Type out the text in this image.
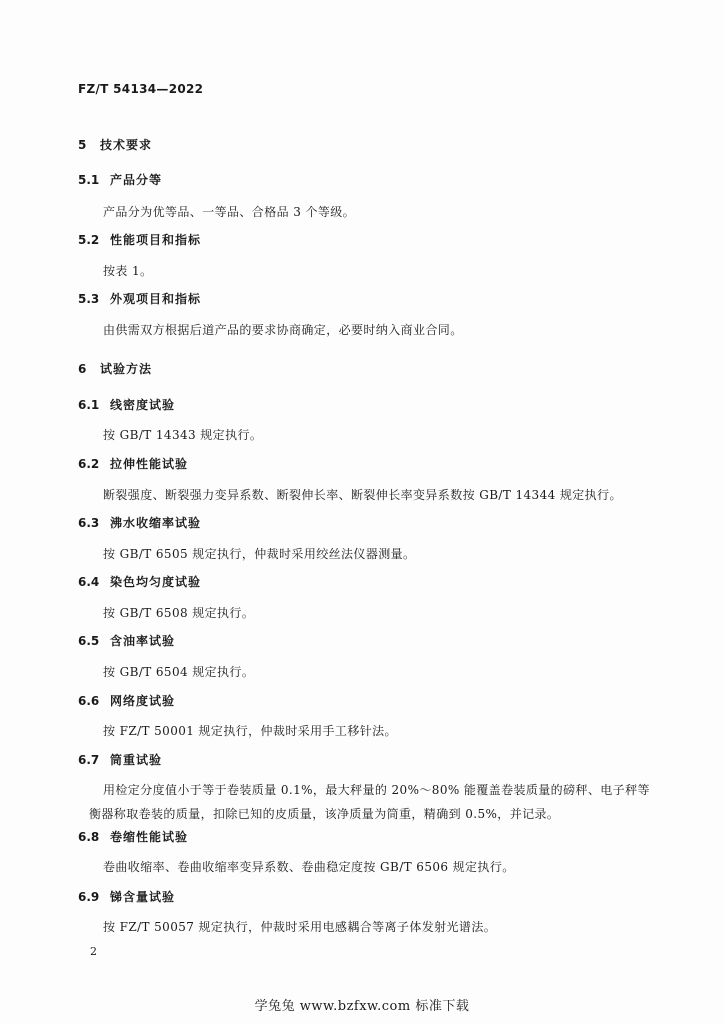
FZ/T 54134—2022
5 技术要求
5.1 产品分等
产品分为优等品、一等品、合格品 3 个等级。
5.2 性能项目和指标
按表 1。
5.3 外观项目和指标
由供需双方根据后道产品的要求协商确定，必要时纳入商业合同。
6 试验方法
6.1 线密度试验
按 GB/T 14343 规定执行。
6.2 拉伸性能试验
断裂强度、断裂强力变异系数、断裂伸长率、断裂伸长率变异系数按 GB/T 14344 规定执行。
6.3 沸水收缩率试验
按 GB/T 6505 规定执行，仲裁时采用绞丝法仪器测量。
6.4 染色均匀度试验
按 GB/T 6508 规定执行。
6.5 含油率试验
按 GB/T 6504 规定执行。
6.6 网络度试验
按 FZ/T 50001 规定执行，仲裁时采用手工移针法。
6.7 筒重试验
用检定分度值小于等于卷装质量 0.1%，最大秤量的 20%～80% 能覆盖卷装质量的磅秤、电子秤等
衡器称取卷装的质量，扣除已知的皮质量，该净质量为筒重，精确到 0.5%，并记录。
6.8 卷缩性能试验
卷曲收缩率、卷曲收缩率变异系数、卷曲稳定度按 GB/T 6506 规定执行。
6.9 锑含量试验
按 FZ/T 50057 规定执行，仲裁时采用电感耦合等离子体发射光谱法。
2
学兔兔 www.bzfxw.com 标准下载
